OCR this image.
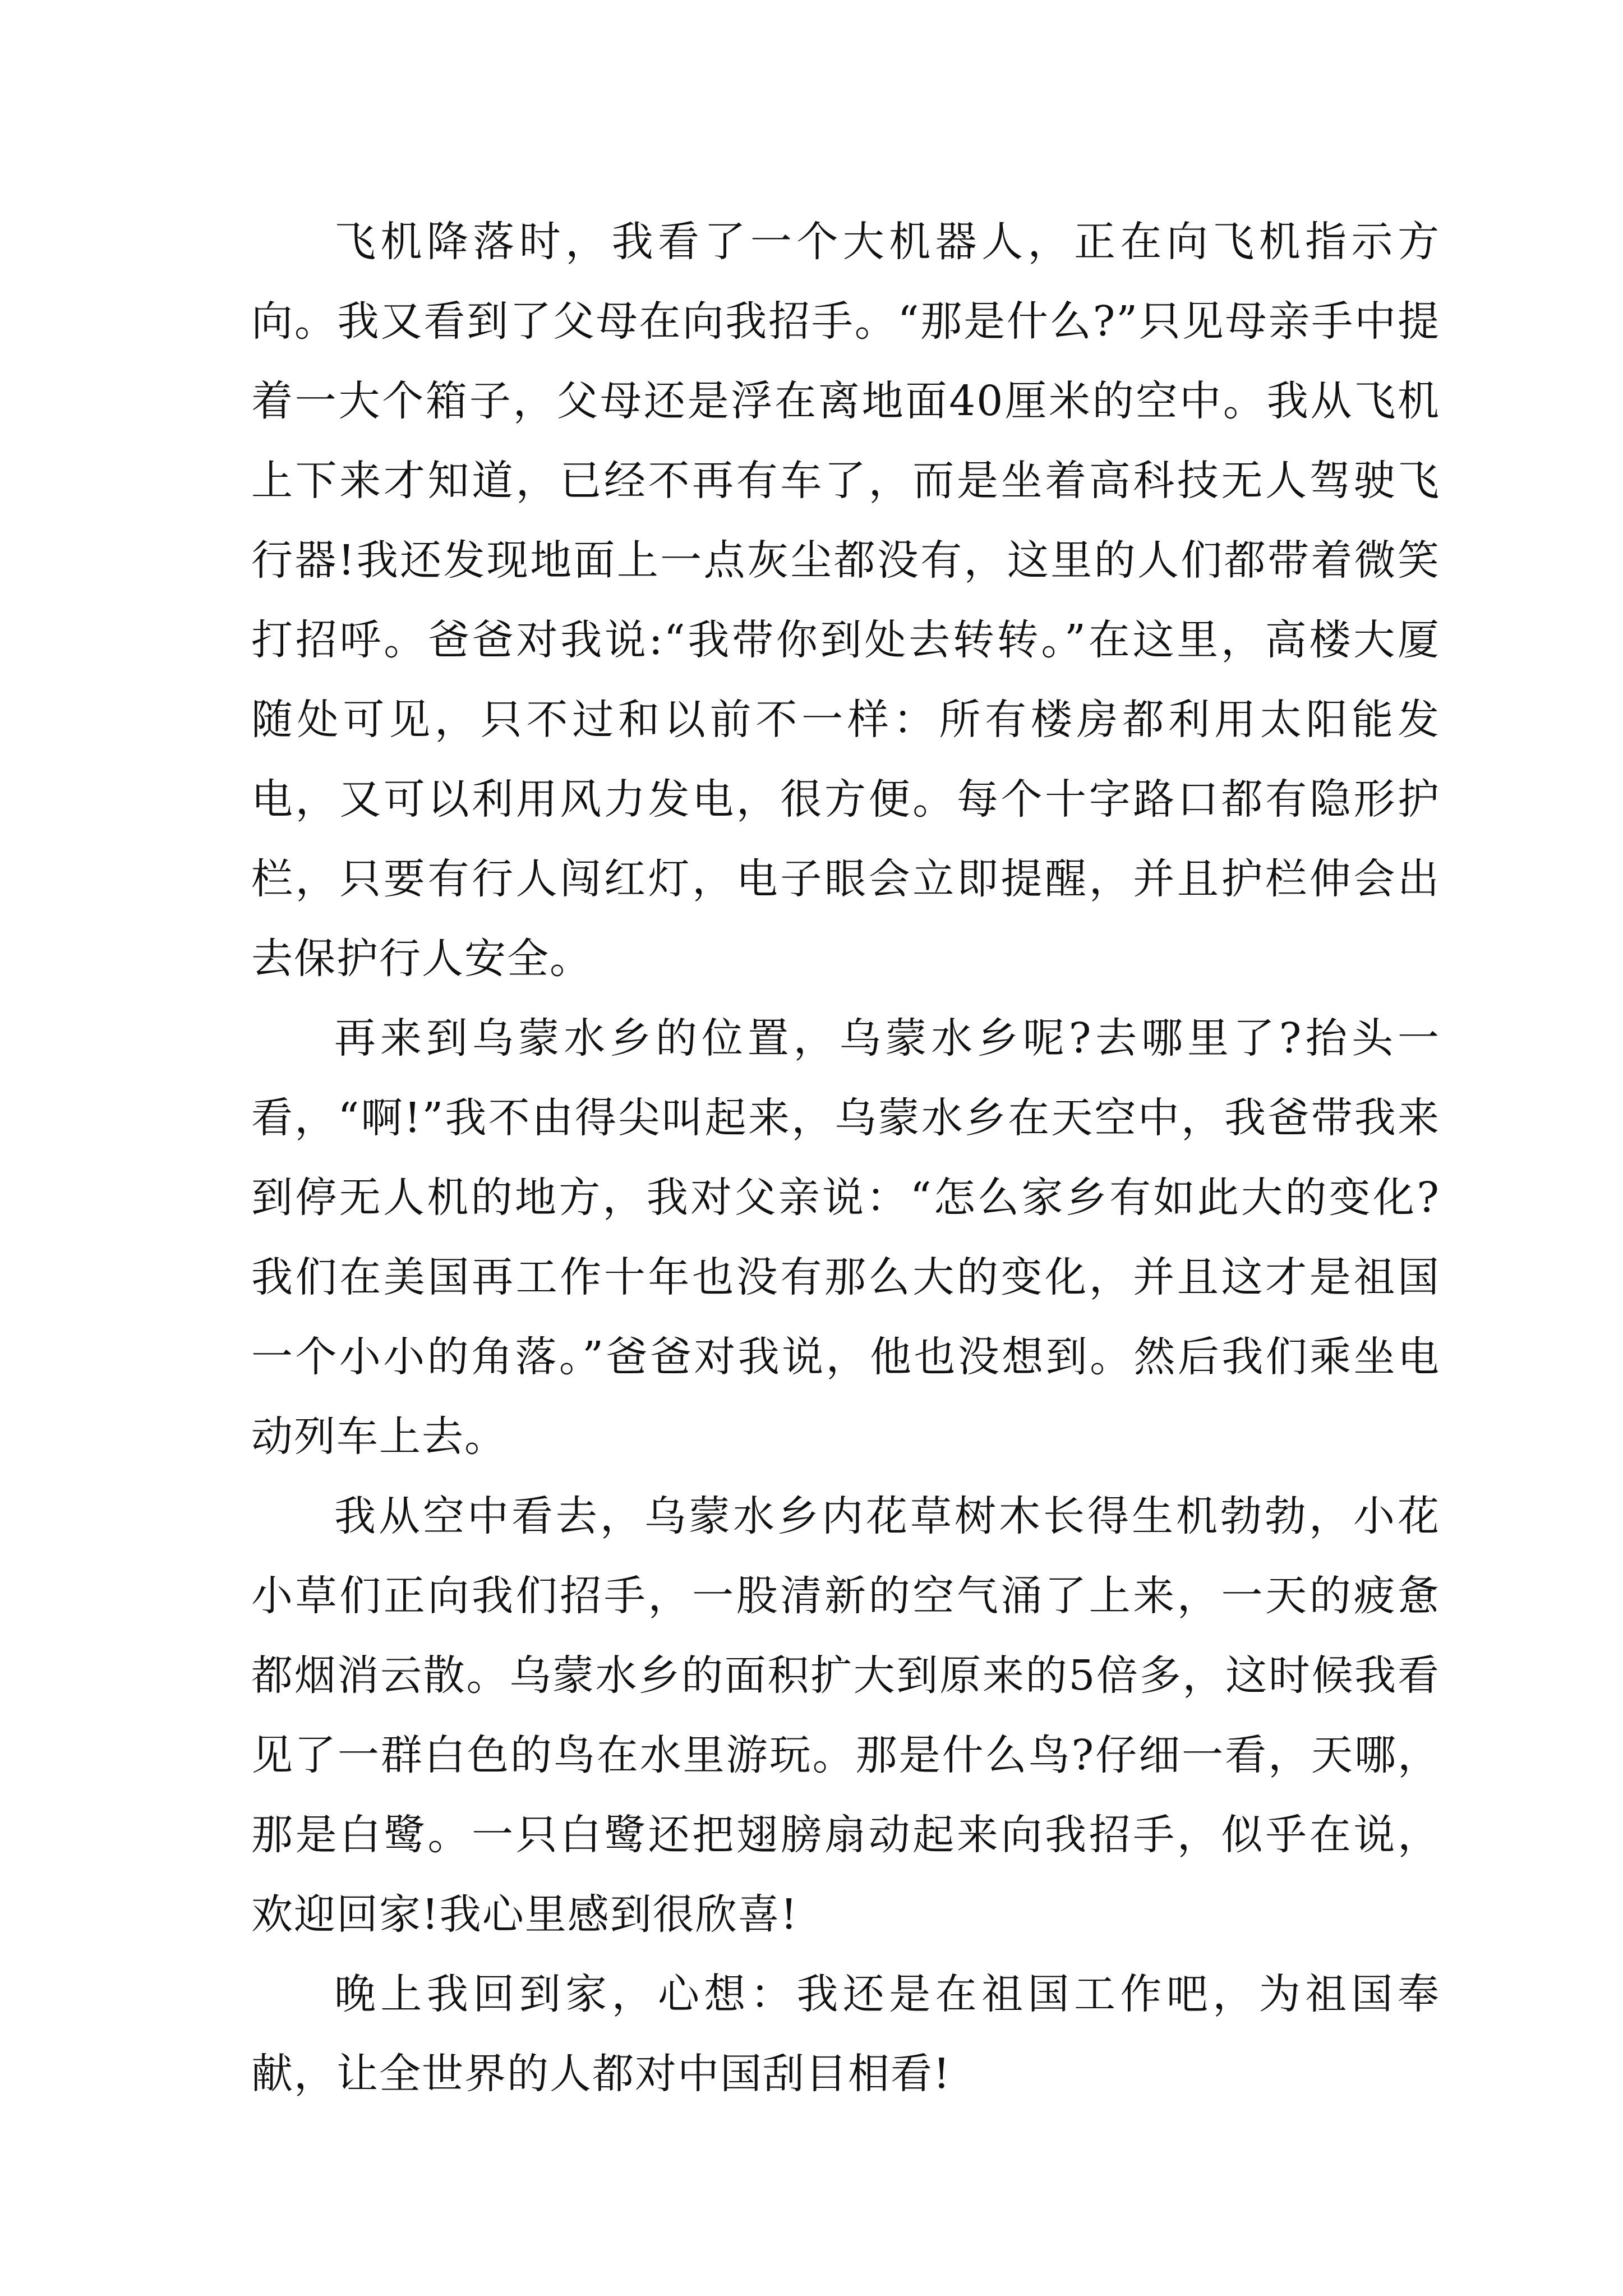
飞机降落时，我看了一个大机器人，正在向飞机指示方向。我又看到了父母在向我招手。“那是什么?”只见母亲手中提着一大个箱子，父母还是浮在离地面40厘米的空中。我从飞机上下来才知道，已经不再有车了，而是坐着高科技无人驾驶飞行器!我还发现地面上一点灰尘都没有，这里的人们都带着微笑打招呼。爸爸对我说:“我带你到处去转转。”在这里，高楼大厦随处可见，只不过和以前不一样：所有楼房都利用太阳能发电，又可以利用风力发电，很方便。每个十字路口都有隐形护栏，只要有行人闯红灯，电子眼会立即提醒，并且护栏伸会出去保护行人安全。

再来到乌蒙水乡的位置，乌蒙水乡呢?去哪里了?抬头一看，“啊!”我不由得尖叫起来，乌蒙水乡在天空中，我爸带我来到停无人机的地方，我对父亲说：“怎么家乡有如此大的变化?我们在美国再工作十年也没有那么大的变化，并且这才是祖国一个小小的角落。”爸爸对我说，他也没想到。然后我们乘坐电动列车上去。

我从空中看去，乌蒙水乡内花草树木长得生机勃勃，小花小草们正向我们招手，一股清新的空气涌了上来，一天的疲惫都烟消云散。乌蒙水乡的面积扩大到原来的5倍多，这时候我看见了一群白色的鸟在水里游玩。那是什么鸟?仔细一看，天哪，那是白鹭。一只白鹭还把翅膀扇动起来向我招手，似乎在说，欢迎回家!我心里感到很欣喜!

晚上我回到家，心想：我还是在祖国工作吧，为祖国奉献，让全世界的人都对中国刮目相看!
